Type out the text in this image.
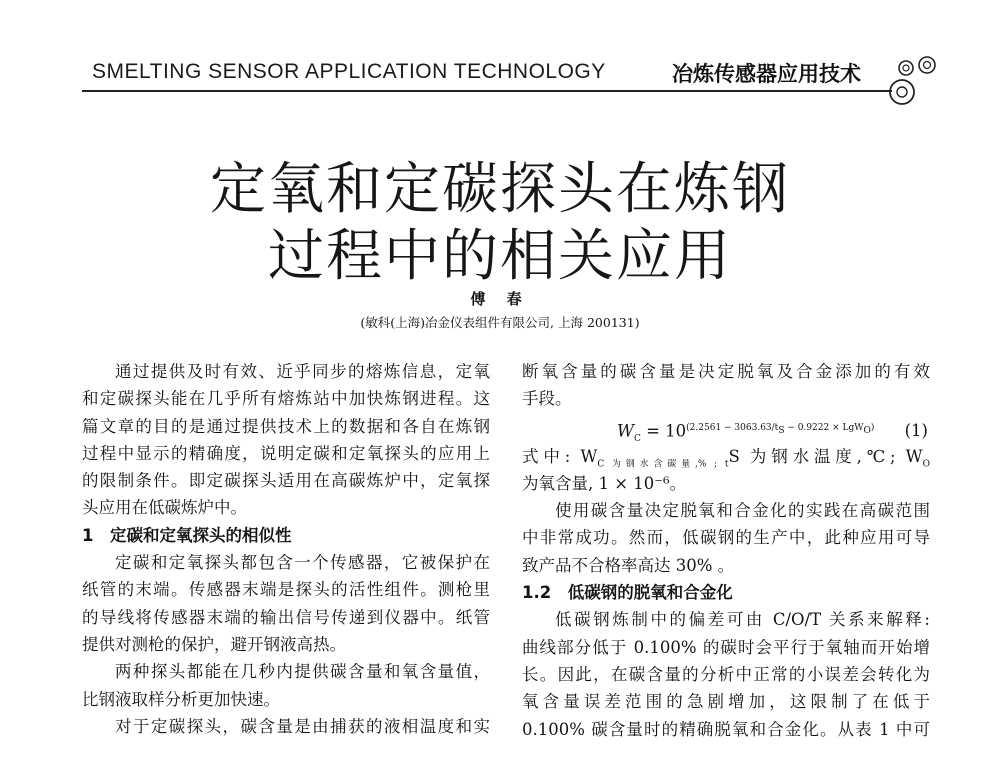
SMELTING SENSOR APPLICATION TECHNOLOGY	冶炼传感器应用技术
定氧和定碳探头在炼钢
过程中的相关应用
傅 春
(敏科(上海)冶金仪表组件有限公司, 上海 200131)
通过提供及时有效、近乎同步的熔炼信息，定氧
和定碳探头能在几乎所有熔炼站中加快炼钢进程。这
篇文章的目的是通过提供技术上的数据和各自在炼钢
过程中显示的精确度，说明定碳和定氧探头的应用上
的限制条件。即定碳探头适用在高碳炼炉中，定氧探
头应用在低碳炼炉中。
1　定碳和定氧探头的相似性
定碳和定氧探头都包含一个传感器，它被保护在
纸管的末端。传感器末端是探头的活性组件。测枪里
的导线将传感器末端的输出信号传递到仪器中。纸管
提供对测枪的保护，避开钢液高热。
两种探头都能在几秒内提供碳含量和氧含量值，
比钢液取样分析更加快速。
对于定碳探头，碳含量是由捕获的液相温度和实
断氧含量的碳含量是决定脱氧及合金添加的有效
手段。
$W_C = 10^{(2.2561 - 3063.63/t_S - 0.9222 \times LgW_O)}$ (1)
式中: $W_{C 为钢水含碳量,\% ; t}S$ 为钢水温度,℃; $W_O$
为氧含量, 1 × 10⁻⁶。
使用碳含量决定脱氧和合金化的实践在高碳范围
中非常成功。然而，低碳钢的生产中，此种应用可导
致产品不合格率高达 30% 。
1.2　低碳钢的脱氧和合金化
低碳钢炼制中的偏差可由 C/O/T 关系来解释:
曲线部分低于 0.100% 的碳时会平行于氧轴而开始增
长。因此，在碳含量的分析中正常的小误差会转化为
氧含量误差范围的急剧增加，这限制了在低于
0.100% 碳含量时的精确脱氧和合金化。从表 1 中可
